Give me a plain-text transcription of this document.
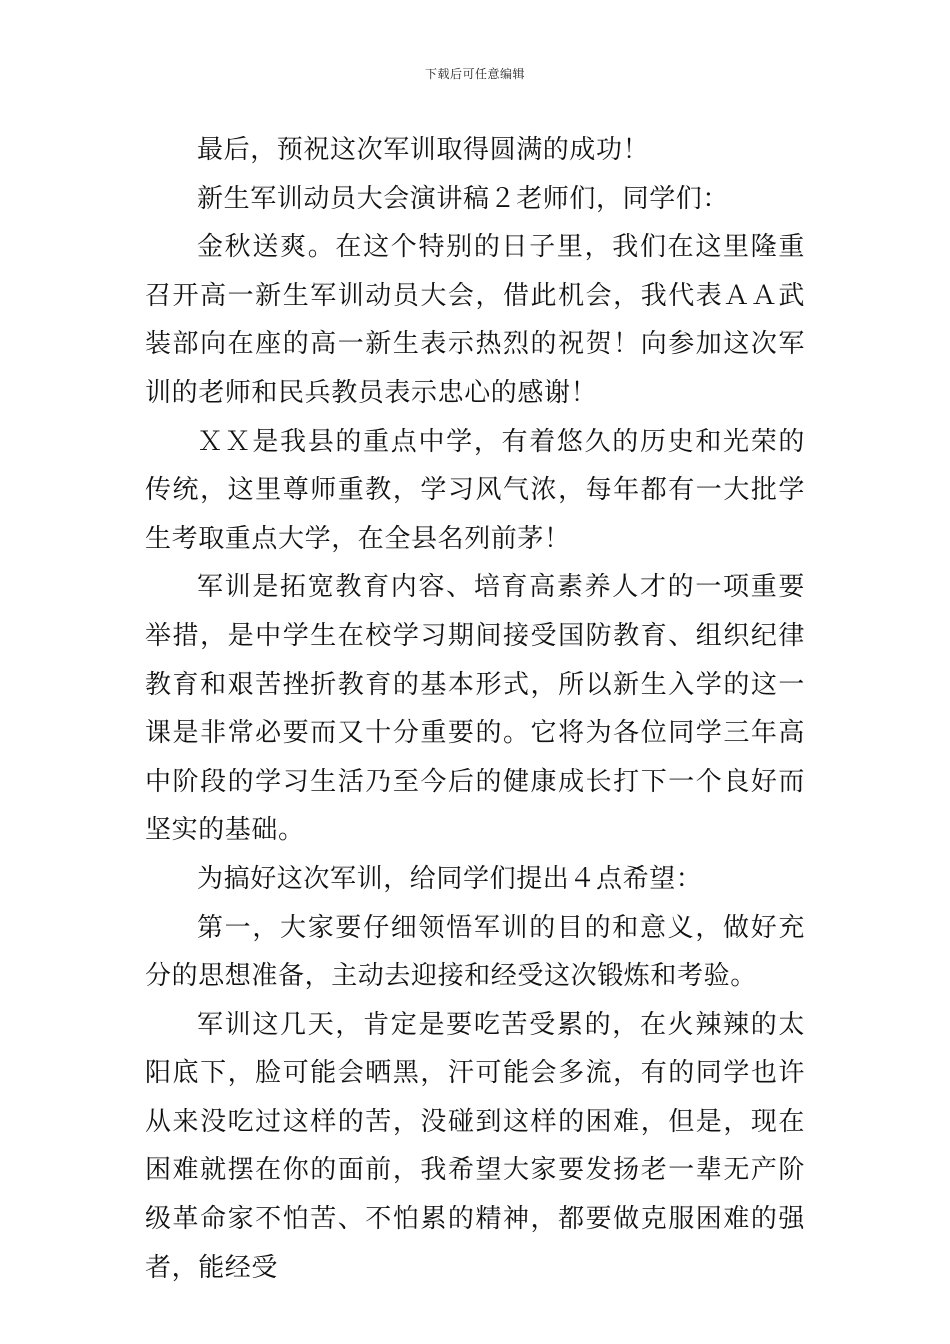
下载后可任意编辑

最后，预祝这次军训取得圆满的成功！

新生军训动员大会演讲稿２老师们，同学们：

金秋送爽。在这个特别的日子里，我们在这里隆重召开高一新生军训动员大会，借此机会，我代表ＡＡ武装部向在座的高一新生表示热烈的祝贺！向参加这次军训的老师和民兵教员表示忠心的感谢！

ＸＸ是我县的重点中学，有着悠久的历史和光荣的传统，这里尊师重教，学习风气浓，每年都有一大批学生考取重点大学，在全县名列前茅！

军训是拓宽教育内容、培育高素养人才的一项重要举措，是中学生在校学习期间接受国防教育、组织纪律教育和艰苦挫折教育的基本形式，所以新生入学的这一课是非常必要而又十分重要的。它将为各位同学三年高中阶段的学习生活乃至今后的健康成长打下一个良好而坚实的基础。

为搞好这次军训，给同学们提出４点希望：

第一，大家要仔细领悟军训的目的和意义，做好充分的思想准备，主动去迎接和经受这次锻炼和考验。

军训这几天，肯定是要吃苦受累的，在火辣辣的太阳底下，脸可能会晒黑，汗可能会多流，有的同学也许从来没吃过这样的苦，没碰到这样的困难，但是，现在困难就摆在你的面前，我希望大家要发扬老一辈无产阶级革命家不怕苦、不怕累的精神，都要做克服困难的强者，能经受
